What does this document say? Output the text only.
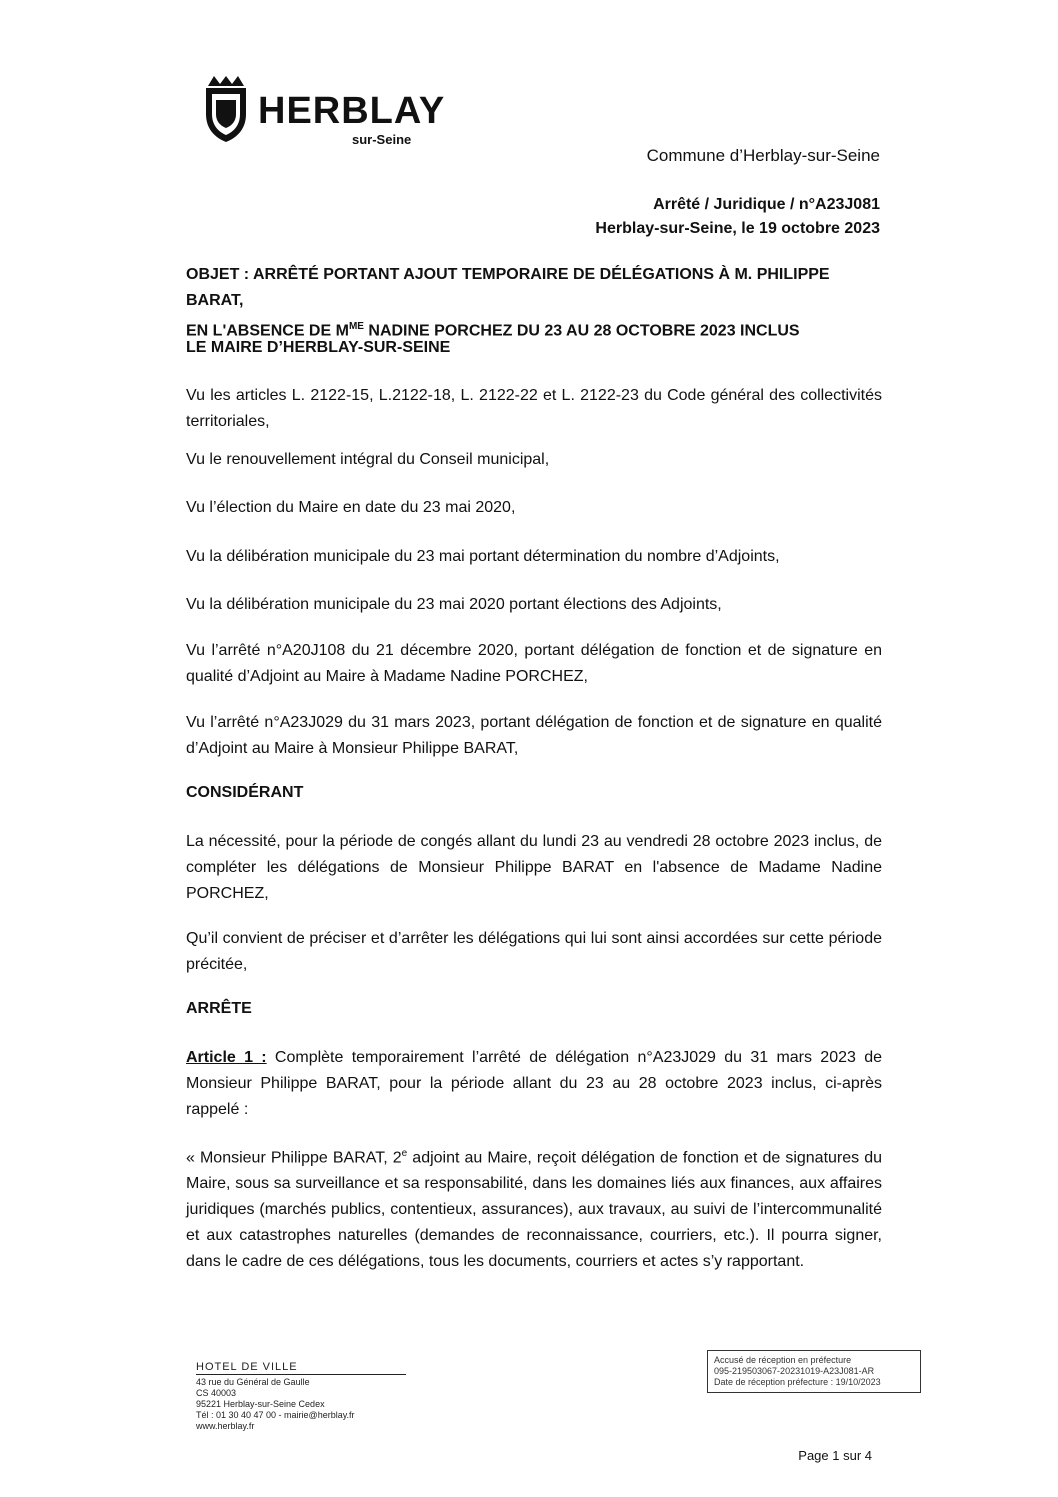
HERBLAY
sur-Seine
Commune d’Herblay-sur-Seine
Arrêté / Juridique / n°A23J081
Herblay-sur-Seine, le 19 octobre 2023
OBJET : ARRÊTÉ PORTANT AJOUT TEMPORAIRE DE DÉLÉGATIONS À M. PHILIPPE BARAT,
EN L'ABSENCE DE $M^{ME}$ NADINE PORCHEZ DU 23 AU 28 OCTOBRE 2023 INCLUS
LE MAIRE D’HERBLAY-SUR-SEINE
Vu les articles L. 2122-15, L.2122-18, L. 2122-22 et L. 2122-23 du Code général des collectivités territoriales,
Vu le renouvellement intégral du Conseil municipal,
Vu l’élection du Maire en date du 23 mai 2020,
Vu la délibération municipale du 23 mai portant détermination du nombre d’Adjoints,
Vu la délibération municipale du 23 mai 2020 portant élections des Adjoints,
Vu l’arrêté n°A20J108 du 21 décembre 2020, portant délégation de fonction et de signature en qualité d’Adjoint au Maire à Madame Nadine PORCHEZ,
Vu l’arrêté n°A23J029 du 31 mars 2023, portant délégation de fonction et de signature en qualité d’Adjoint au Maire à Monsieur Philippe BARAT,
CONSIDÉRANT
La nécessité, pour la période de congés allant du lundi 23 au vendredi 28 octobre 2023 inclus, de compléter les délégations de Monsieur Philippe BARAT en l'absence de Madame Nadine PORCHEZ,
Qu’il convient de préciser et d’arrêter les délégations qui lui sont ainsi accordées sur cette période précitée,
ARRÊTE
Article 1 : Complète temporairement l’arrêté de délégation n°A23J029 du 31 mars 2023 de Monsieur Philippe BARAT, pour la période allant du 23 au 28 octobre 2023 inclus, ci-après rappelé :
« Monsieur Philippe BARAT, 2e adjoint au Maire, reçoit délégation de fonction et de signatures du Maire, sous sa surveillance et sa responsabilité, dans les domaines liés aux finances, aux affaires juridiques (marchés publics, contentieux, assurances), aux travaux, au suivi de l’intercommunalité et aux catastrophes naturelles (demandes de reconnaissance, courriers, etc.). Il pourra signer, dans le cadre de ces délégations, tous les documents, courriers et actes s’y rapportant.
HOTEL DE VILLE
43 rue du Général de Gaulle
CS 40003
95221 Herblay-sur-Seine Cedex
Tél : 01 30 40 47 00 - mairie@herblay.fr
www.herblay.fr
Accusé de réception en préfecture
095-219503067-20231019-A23J081-AR
Date de réception préfecture : 19/10/2023
Page 1 sur 4
